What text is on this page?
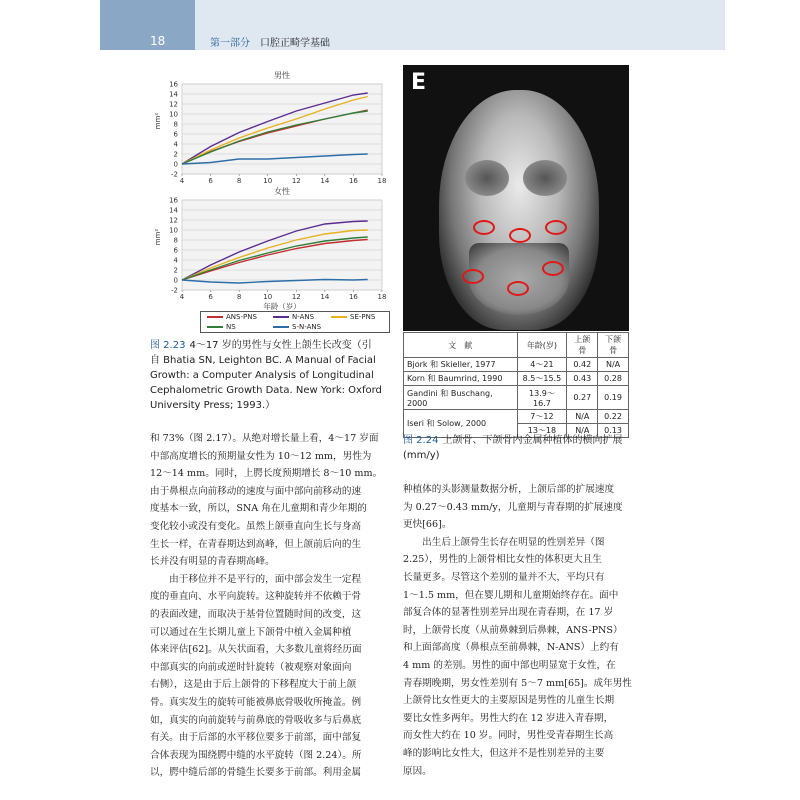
18	第一部分 口腔正畸学基础
男性
-2
0
2
4
6
8
10
12
14
16
4	6	8	10	12	14	16	18
mm²
女性
-2
0
2
4
6
8
10
12
14
16
4	6	8	10	12	14	16	18
mm²
年龄（岁）
ANS-PNS	N-ANS	SE-PNS
NS	S-N-ANS
图 2.23 4～17 岁的男性与女性上颌生长改变（引
自 Bhatia SN, Leighton BC. A Manual of Facial
Growth: a Computer Analysis of Longitudinal
Cephalometric Growth Data. New York: Oxford
University Press; 1993.）
E
文　献	年龄(岁)	上颌骨	下颌骨
Bjork 和 Skieller, 1977	4～21	0.42	N/A
Korn 和 Baumrind, 1990	8.5～15.5	0.43	0.28
Gandini 和 Buschang, 2000	13.9～16.7	0.27	0.19
Iseri 和 Solow, 2000	7～12	N/A	0.22
	13～18	N/A	0.13
图 2.24 上颌骨、下颌骨内金属种植体的横向扩展
(mm/y)
和 73%（图 2.17）。从绝对增长量上看，4～17 岁面
中部高度增长的预期量女性为 10～12 mm，男性为
12～14 mm。同时，上腭长度预期增长 8～10 mm。
由于鼻根点向前移动的速度与面中部向前移动的速
度基本一致，所以，SNA 角在儿童期和青少年期的
变化较小或没有变化。虽然上颌垂直向生长与身高
生长一样，在青春期达到高峰，但上颌前后向的生
长并没有明显的青春期高峰。
　　由于移位并不是平行的，面中部会发生一定程
度的垂直向、水平向旋转。这种旋转并不依赖于骨
的表面改建，而取决于基骨位置随时间的改变，这
可以通过在生长期儿童上下颌骨中植入金属种植
体来评估[62]。从矢状面看，大多数儿童将经历面
中部真实的向前或逆时针旋转（被观察对象面向
右侧），这是由于后上颌骨的下移程度大于前上颌
骨。真实发生的旋转可能被鼻底骨吸收所掩盖。例
如，真实的向前旋转与前鼻底的骨吸收多与后鼻底
有关。由于后部的水平移位要多于前部，面中部复
合体表现为围绕腭中缝的水平旋转（图 2.24）。所
以，腭中缝后部的骨缝生长要多于前部。利用金属
种植体的头影测量数据分析，上颌后部的扩展速度
为 0.27～0.43 mm/y，儿童期与青春期的扩展速度
更快[66]。
　　出生后上颌骨生长存在明显的性别差异（图
2.25），男性的上颌骨相比女性的体积更大且生
长量更多。尽管这个差别的量并不大，平均只有
1～1.5 mm，但在婴儿期和儿童期始终存在。面中
部复合体的显著性别差异出现在青春期，在 17 岁
时，上颌骨长度（从前鼻棘到后鼻棘，ANS-PNS）
和上面部高度（鼻根点至前鼻棘，N-ANS）上约有
4 mm 的差别。男性的面中部也明显宽于女性，在
青春期晚期，男女性差别有 5～7 mm[65]。成年男性
上颌骨比女性更大的主要原因是男性的儿童生长期
要比女性多两年。男性大约在 12 岁进入青春期，
而女性大约在 10 岁。同时，男性受青春期生长高
峰的影响比女性大，但这并不是性别差异的主要
原因。
